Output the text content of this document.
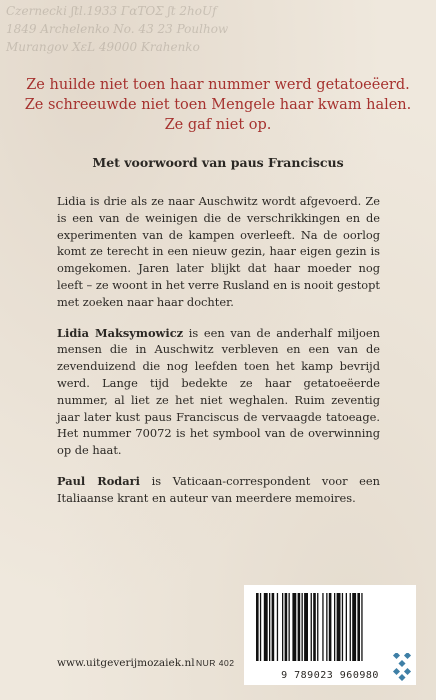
Czernecki ʃtl.1933 ΓαΤΟΣ ʃt 2hoUf
1849 Archelenko No. 43 23 Poulhow
Murangov XɛL 49000 Krahenko
Ze huilde niet toen haar nummer werd getatoeëerd.
Ze schreeuwde niet toen Mengele haar kwam halen.
Ze gaf niet op.
Met voorwoord van paus Franciscus

Lidia is drie als ze naar Auschwitz wordt afgevoerd. Ze is een van de weinigen die de verschrikkingen en de experimenten van de kampen overleeft. Na de oorlog komt ze terecht in een nieuw gezin, haar eigen gezin is omgekomen. Jaren later blijkt dat haar moeder nog leeft – ze woont in het verre Rusland en is nooit gestopt met zoeken naar haar dochter.

Lidia Maksymowicz is een van de anderhalf miljoen mensen die in Auschwitz verbleven en een van de zevenduizend die nog leefden toen het kamp bevrijd werd. Lange tijd bedekte ze haar getatoeëerde nummer, al liet ze het niet weghalen. Ruim zeventig jaar later kust paus Franciscus de vervaagde tatoeage. Het nummer 70072 is het symbool van de overwinning op de haat.

Paul Rodari is Vaticaan-correspondent voor een Italiaanse krant en auteur van meerdere memoires.

9 789023 960980
www.uitgeverijmozaiek.nl NUR 402
